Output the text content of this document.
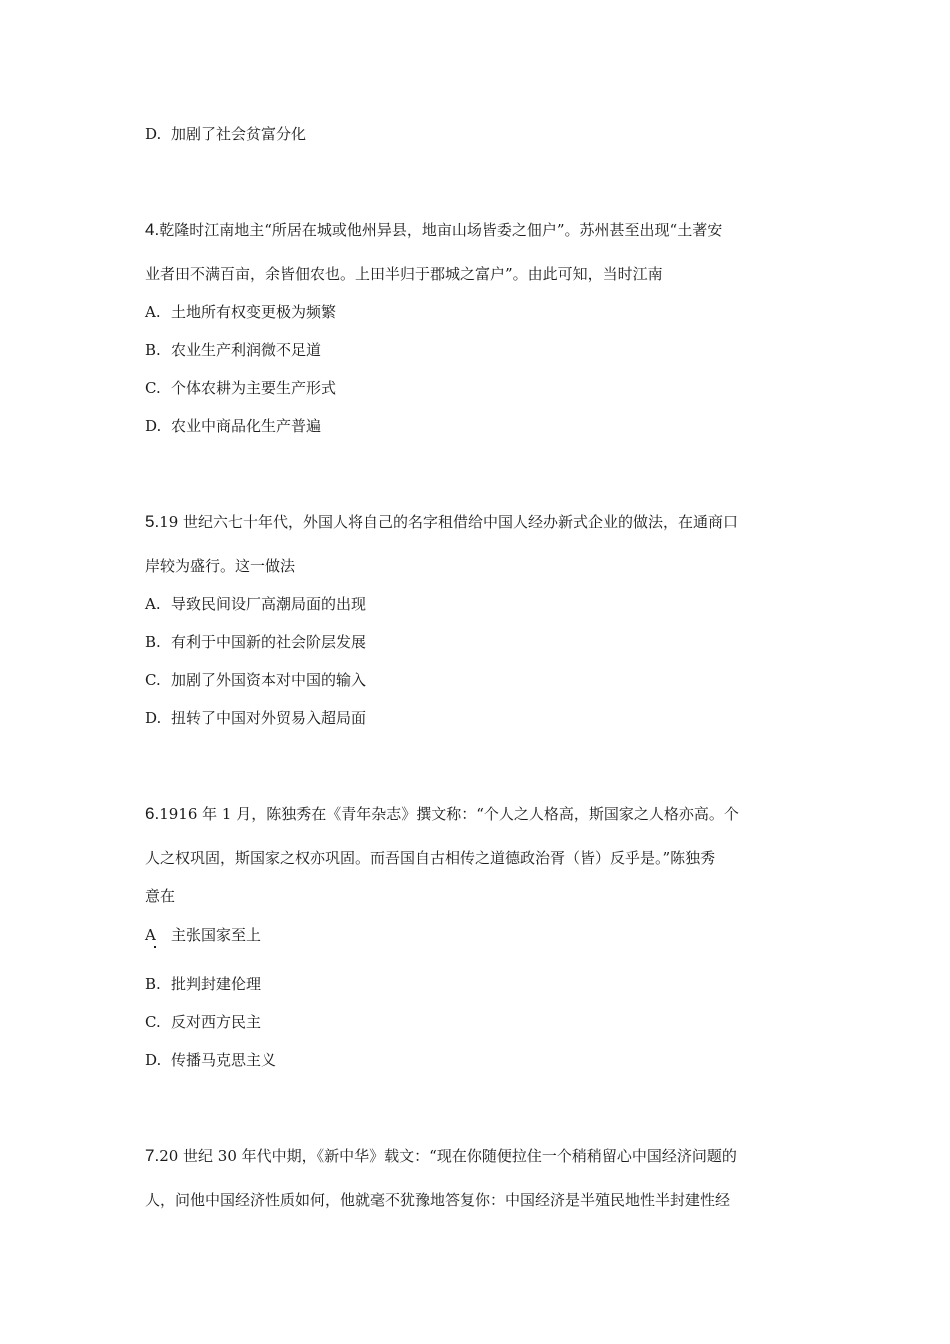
D. 加剧了社会贫富分化
4.乾隆时江南地主“所居在城或他州异县，地亩山场皆委之佃户”。苏州甚至出现“土著安
业者田不满百亩，余皆佃农也。上田半归于郡城之富户”。由此可知，当时江南
A. 土地所有权变更极为频繁
B. 农业生产利润微不足道
C. 个体农耕为主要生产形式
D. 农业中商品化生产普遍
5.19 世纪六七十年代，外国人将自己的名字租借给中国人经办新式企业的做法，在通商口
岸较为盛行。这一做法
A. 导致民间设厂高潮局面的出现
B. 有利于中国新的社会阶层发展
C. 加剧了外国资本对中国的输入
D. 扭转了中国对外贸易入超局面
6.1916 年 1 月，陈独秀在《青年杂志》撰文称：“个人之人格高，斯国家之人格亦高。个
人之权巩固，斯国家之权亦巩固。而吾国自古相传之道德政治胥（皆）反乎是。”陈独秀
意在
A 主张国家至上
B. 批判封建伦理
C. 反对西方民主
D. 传播马克思主义
7.20 世纪 30 年代中期，《新中华》载文：“现在你随便拉住一个稍稍留心中国经济问题的
人，问他中国经济性质如何，他就毫不犹豫地答复你：中国经济是半殖民地性半封建性经
